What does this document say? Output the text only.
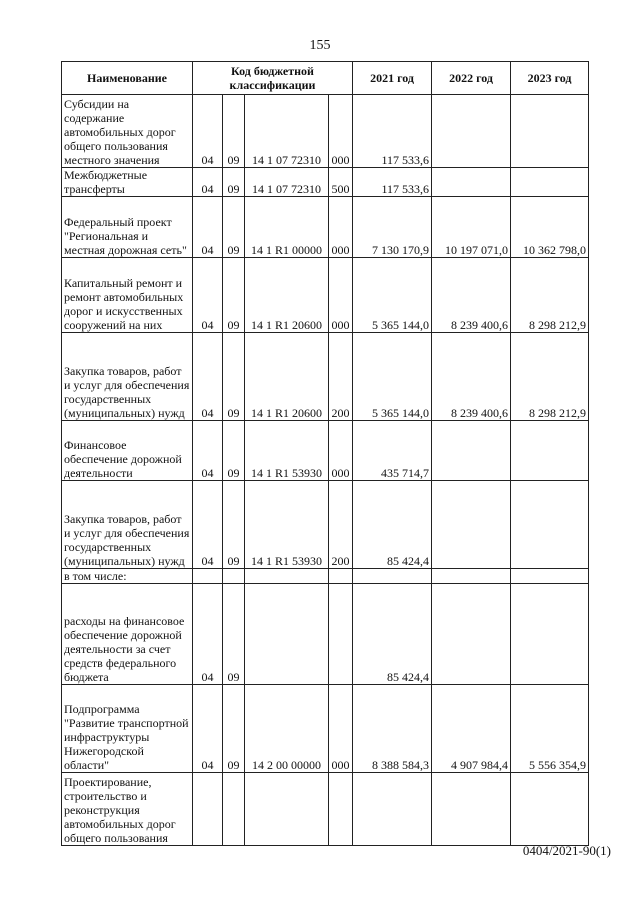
155
Наименование	Код бюджетной классификации				2021 год	2022 год	2023 год
Субсидии на содержание автомобильных дорог общего пользования местного значения	04	09	14 1 07 72310	000	117 533,6		
Межбюджетные трансферты	04	09	14 1 07 72310	500	117 533,6		
Федеральный проект "Региональная и местная дорожная сеть"	04	09	14 1 R1 00000	000	7 130 170,9	10 197 071,0	10 362 798,0
Капитальный ремонт и ремонт автомобильных дорог и искусственных сооружений на них	04	09	14 1 R1 20600	000	5 365 144,0	8 239 400,6	8 298 212,9
Закупка товаров, работ и услуг для обеспечения государственных (муниципальных) нужд	04	09	14 1 R1 20600	200	5 365 144,0	8 239 400,6	8 298 212,9
Финансовое обеспечение дорожной деятельности	04	09	14 1 R1 53930	000	435 714,7		
Закупка товаров, работ и услуг для обеспечения государственных (муниципальных) нужд	04	09	14 1 R1 53930	200	85 424,4		
в том числе:							
расходы на финансовое обеспечение дорожной деятельности за счет средств федерального бюджета	04	09			85 424,4		
Подпрограмма "Развитие транспортной инфраструктуры Нижегородской области"	04	09	14 2 00 00000	000	8 388 584,3	4 907 984,4	5 556 354,9
Проектирование, строительство и реконструкция автомобильных дорог общего пользования							
0404/2021-90(1)
